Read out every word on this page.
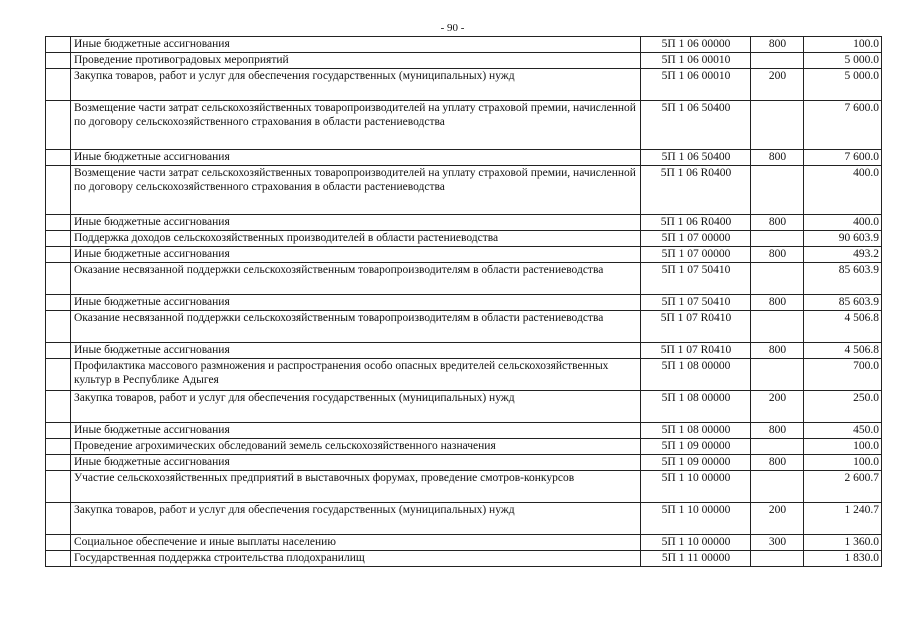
- 90 -
	Иные бюджетные ассигнования	5П 1 06 00000	800	100.0
	Проведение противоградовых мероприятий	5П 1 06 00010		5 000.0
	Закупка товаров, работ и услуг для обеспечения государственных (муниципальных) нужд	5П 1 06 00010	200	5 000.0
	Возмещение части затрат сельскохозяйственных товаропроизводителей на уплату страховой премии, начисленной по договору сельскохозяйственного страхования в области растениеводства	5П 1 06 50400		7 600.0
	Иные бюджетные ассигнования	5П 1 06 50400	800	7 600.0
	Возмещение части затрат сельскохозяйственных товаропроизводителей на уплату страховой премии, начисленной по договору сельскохозяйственного страхования в области растениеводства	5П 1 06 R0400		400.0
	Иные бюджетные ассигнования	5П 1 06 R0400	800	400.0
	Поддержка доходов сельскохозяйственных производителей в области растениеводства	5П 1 07 00000		90 603.9
	Иные бюджетные ассигнования	5П 1 07 00000	800	493.2
	Оказание несвязанной поддержки сельскохозяйственным товаропроизводителям в области растениеводства	5П 1 07 50410		85 603.9
	Иные бюджетные ассигнования	5П 1 07 50410	800	85 603.9
	Оказание несвязанной поддержки сельскохозяйственным товаропроизводителям в области растениеводства	5П 1 07 R0410		4 506.8
	Иные бюджетные ассигнования	5П 1 07 R0410	800	4 506.8
	Профилактика массового размножения и распространения особо опасных вредителей сельскохозяйственных культур в Республике Адыгея	5П 1 08 00000		700.0
	Закупка товаров, работ и услуг для обеспечения государственных (муниципальных) нужд	5П 1 08 00000	200	250.0
	Иные бюджетные ассигнования	5П 1 08 00000	800	450.0
	Проведение агрохимических обследований земель сельскохозяйственного назначения	5П 1 09 00000		100.0
	Иные бюджетные ассигнования	5П 1 09 00000	800	100.0
	Участие сельскохозяйственных предприятий в выставочных форумах, проведение смотров-конкурсов	5П 1 10 00000		2 600.7
	Закупка товаров, работ и услуг для обеспечения государственных (муниципальных) нужд	5П 1 10 00000	200	1 240.7
	Социальное обеспечение и иные выплаты населению	5П 1 10 00000	300	1 360.0
	Государственная поддержка строительства плодохранилищ	5П 1 11 00000		1 830.0
